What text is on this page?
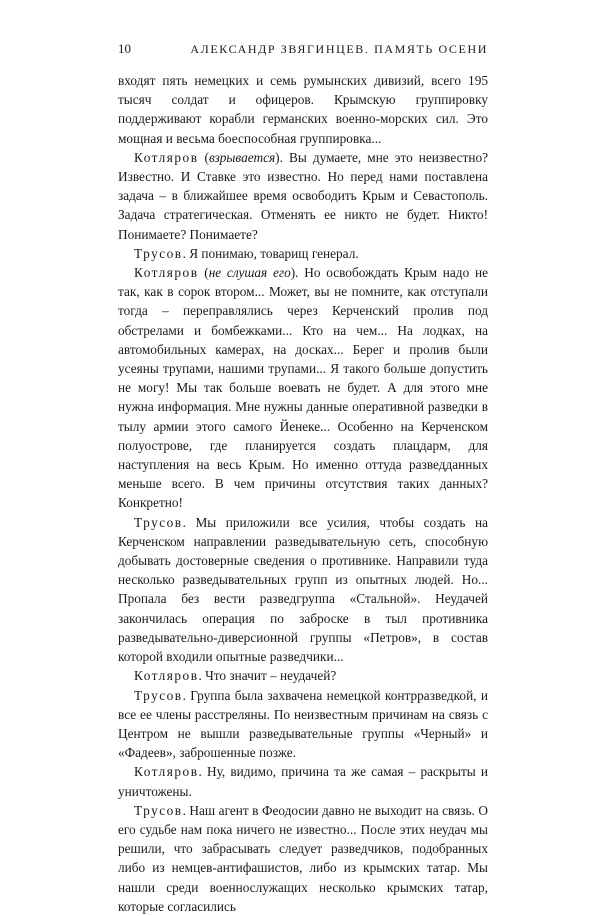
10	АЛЕКСАНДР ЗВЯГИНЦЕВ. ПАМЯТЬ ОСЕНИ

входят пять немецких и семь румынских дивизий, всего 195 тысяч солдат и офицеров. Крымскую группировку поддерживают корабли германских военно-морских сил. Это мощная и весьма боеспособная группировка...

Котляров (взрывается). Вы думаете, мне это неизвестно? Известно. И Ставке это известно. Но перед нами поставлена задача – в ближайшее время освободить Крым и Севастополь. Задача стратегическая. Отменять ее никто не будет. Никто! Понимаете? Понимаете?

Трусов. Я понимаю, товарищ генерал.

Котляров (не слушая его). Но освобождать Крым надо не так, как в сорок втором... Может, вы не помните, как отступали тогда – переправлялись через Керченский пролив под обстрелами и бомбежками... Кто на чем... На лодках, на автомобильных камерах, на досках... Берег и пролив были усеяны трупами, нашими трупами... Я такого больше допустить не могу! Мы так больше воевать не будет. А для этого мне нужна информация. Мне нужны данные оперативной разведки в тылу армии этого самого Йенеке... Особенно на Керченском полуострове, где планируется создать плацдарм, для наступления на весь Крым. Но именно оттуда разведданных меньше всего. В чем причины отсутствия таких данных? Конкретно!

Трусов. Мы приложили все усилия, чтобы создать на Керченском направлении разведывательную сеть, способную добывать достоверные сведения о противнике. Направили туда несколько разведывательных групп из опытных людей. Но... Пропала без вести разведгруппа «Стальной». Неудачей закончилась операция по заброске в тыл противника разведывательно-диверсионной группы «Петров», в состав которой входили опытные разведчики...

Котляров. Что значит – неудачей?

Трусов. Группа была захвачена немецкой контрразведкой, и все ее члены расстреляны. По неизвестным причинам на связь с Центром не вышли разведывательные группы «Черный» и «Фадеев», заброшенные позже.

Котляров. Ну, видимо, причина та же самая – раскрыты и уничтожены.

Трусов. Наш агент в Феодосии давно не выходит на связь. О его судьбе нам пока ничего не известно... После этих неудач мы решили, что забрасывать следует разведчиков, подобранных либо из немцев-антифашистов, либо из крымских татар. Мы нашли среди военнослужащих несколько крымских татар, которые согласились
